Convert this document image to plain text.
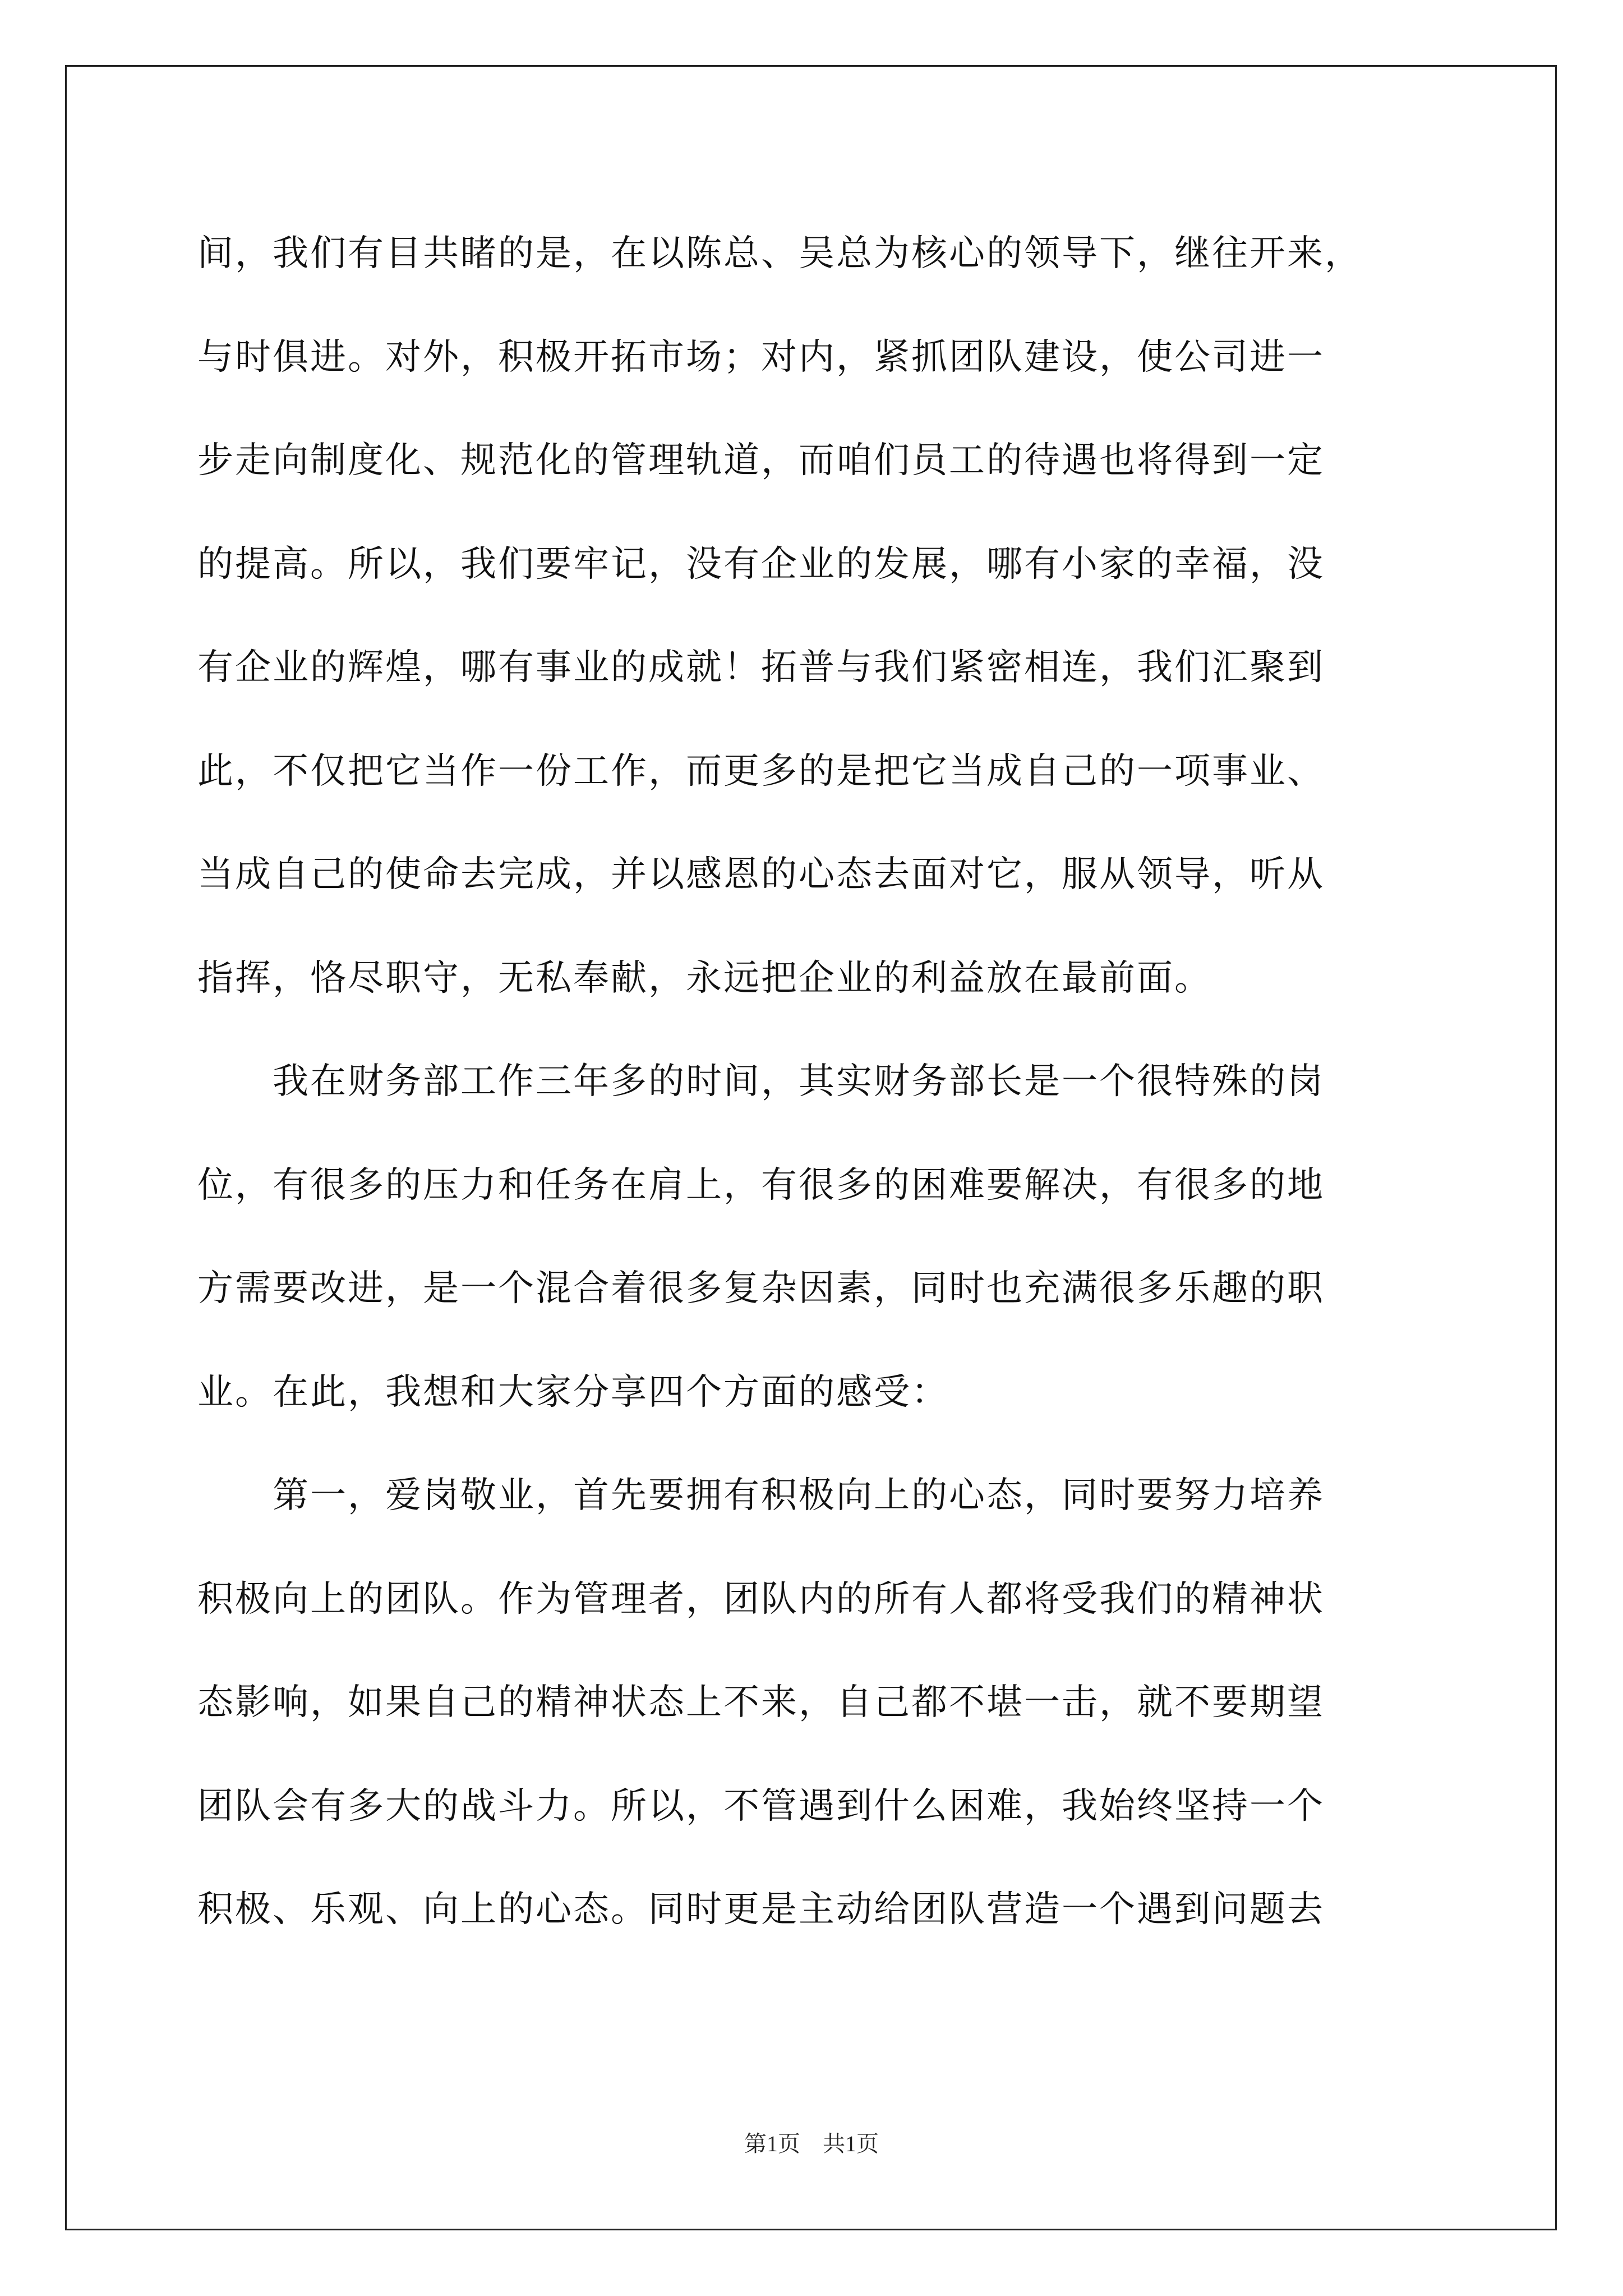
间，我们有目共睹的是，在以陈总、吴总为核心的领导下，继往开来，
与时俱进。对外，积极开拓市场；对内，紧抓团队建设，使公司进一
步走向制度化、规范化的管理轨道，而咱们员工的待遇也将得到一定
的提高。所以，我们要牢记，没有企业的发展，哪有小家的幸福，没
有企业的辉煌，哪有事业的成就！拓普与我们紧密相连，我们汇聚到
此，不仅把它当作一份工作，而更多的是把它当成自己的一项事业、
当成自己的使命去完成，并以感恩的心态去面对它，服从领导，听从
指挥，恪尽职守，无私奉献，永远把企业的利益放在最前面。
　　我在财务部工作三年多的时间，其实财务部长是一个很特殊的岗
位，有很多的压力和任务在肩上，有很多的困难要解决，有很多的地
方需要改进，是一个混合着很多复杂因素，同时也充满很多乐趣的职
业。在此，我想和大家分享四个方面的感受：
　　第一，爱岗敬业，首先要拥有积极向上的心态，同时要努力培养
积极向上的团队。作为管理者，团队内的所有人都将受我们的精神状
态影响，如果自己的精神状态上不来，自己都不堪一击，就不要期望
团队会有多大的战斗力。所以，不管遇到什么困难，我始终坚持一个
积极、乐观、向上的心态。同时更是主动给团队营造一个遇到问题去
第1页　共1页
